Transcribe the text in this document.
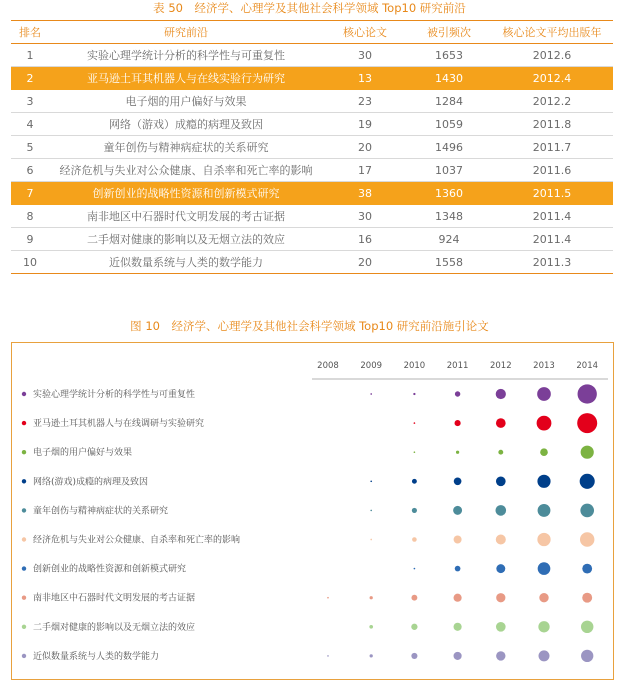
表 50　经济学、心理学及其他社会科学领域 Top10 研究前沿
排名	研究前沿	核心论文	被引频次	核心论文平均出版年
1	实验心理学统计分析的科学性与可重复性	30	1653	2012.6
2	亚马逊土耳其机器人与在线实验行为研究	13	1430	2012.4
3	电子烟的用户偏好与效果	23	1284	2012.2
4	网络（游戏）成瘾的病理及致因	19	1059	2011.8
5	童年创伤与精神病症状的关系研究	20	1496	2011.7
6	经济危机与失业对公众健康、自杀率和死亡率的影响	17	1037	2011.6
7	创新创业的战略性资源和创新模式研究	38	1360	2011.5
8	南非地区中石器时代文明发展的考古证据	30	1348	2011.4
9	二手烟对健康的影响以及无烟立法的效应	16	924	2011.4
10	近似数量系统与人类的数学能力	20	1558	2011.3
图 10　经济学、心理学及其他社会科学领域 Top10 研究前沿施引论文
2008	2009	2010	2011	2012	2013	2014
实验心理学统计分析的科学性与可重复性
亚马逊土耳其机器人与在线调研与实验研究
电子烟的用户偏好与效果
网络(游戏)成瘾的病理及致因
童年创伤与精神病症状的关系研究
经济危机与失业对公众健康、自杀率和死亡率的影响
创新创业的战略性资源和创新模式研究
南非地区中石器时代文明发展的考古证据
二手烟对健康的影响以及无烟立法的效应
近似数量系统与人类的数学能力
